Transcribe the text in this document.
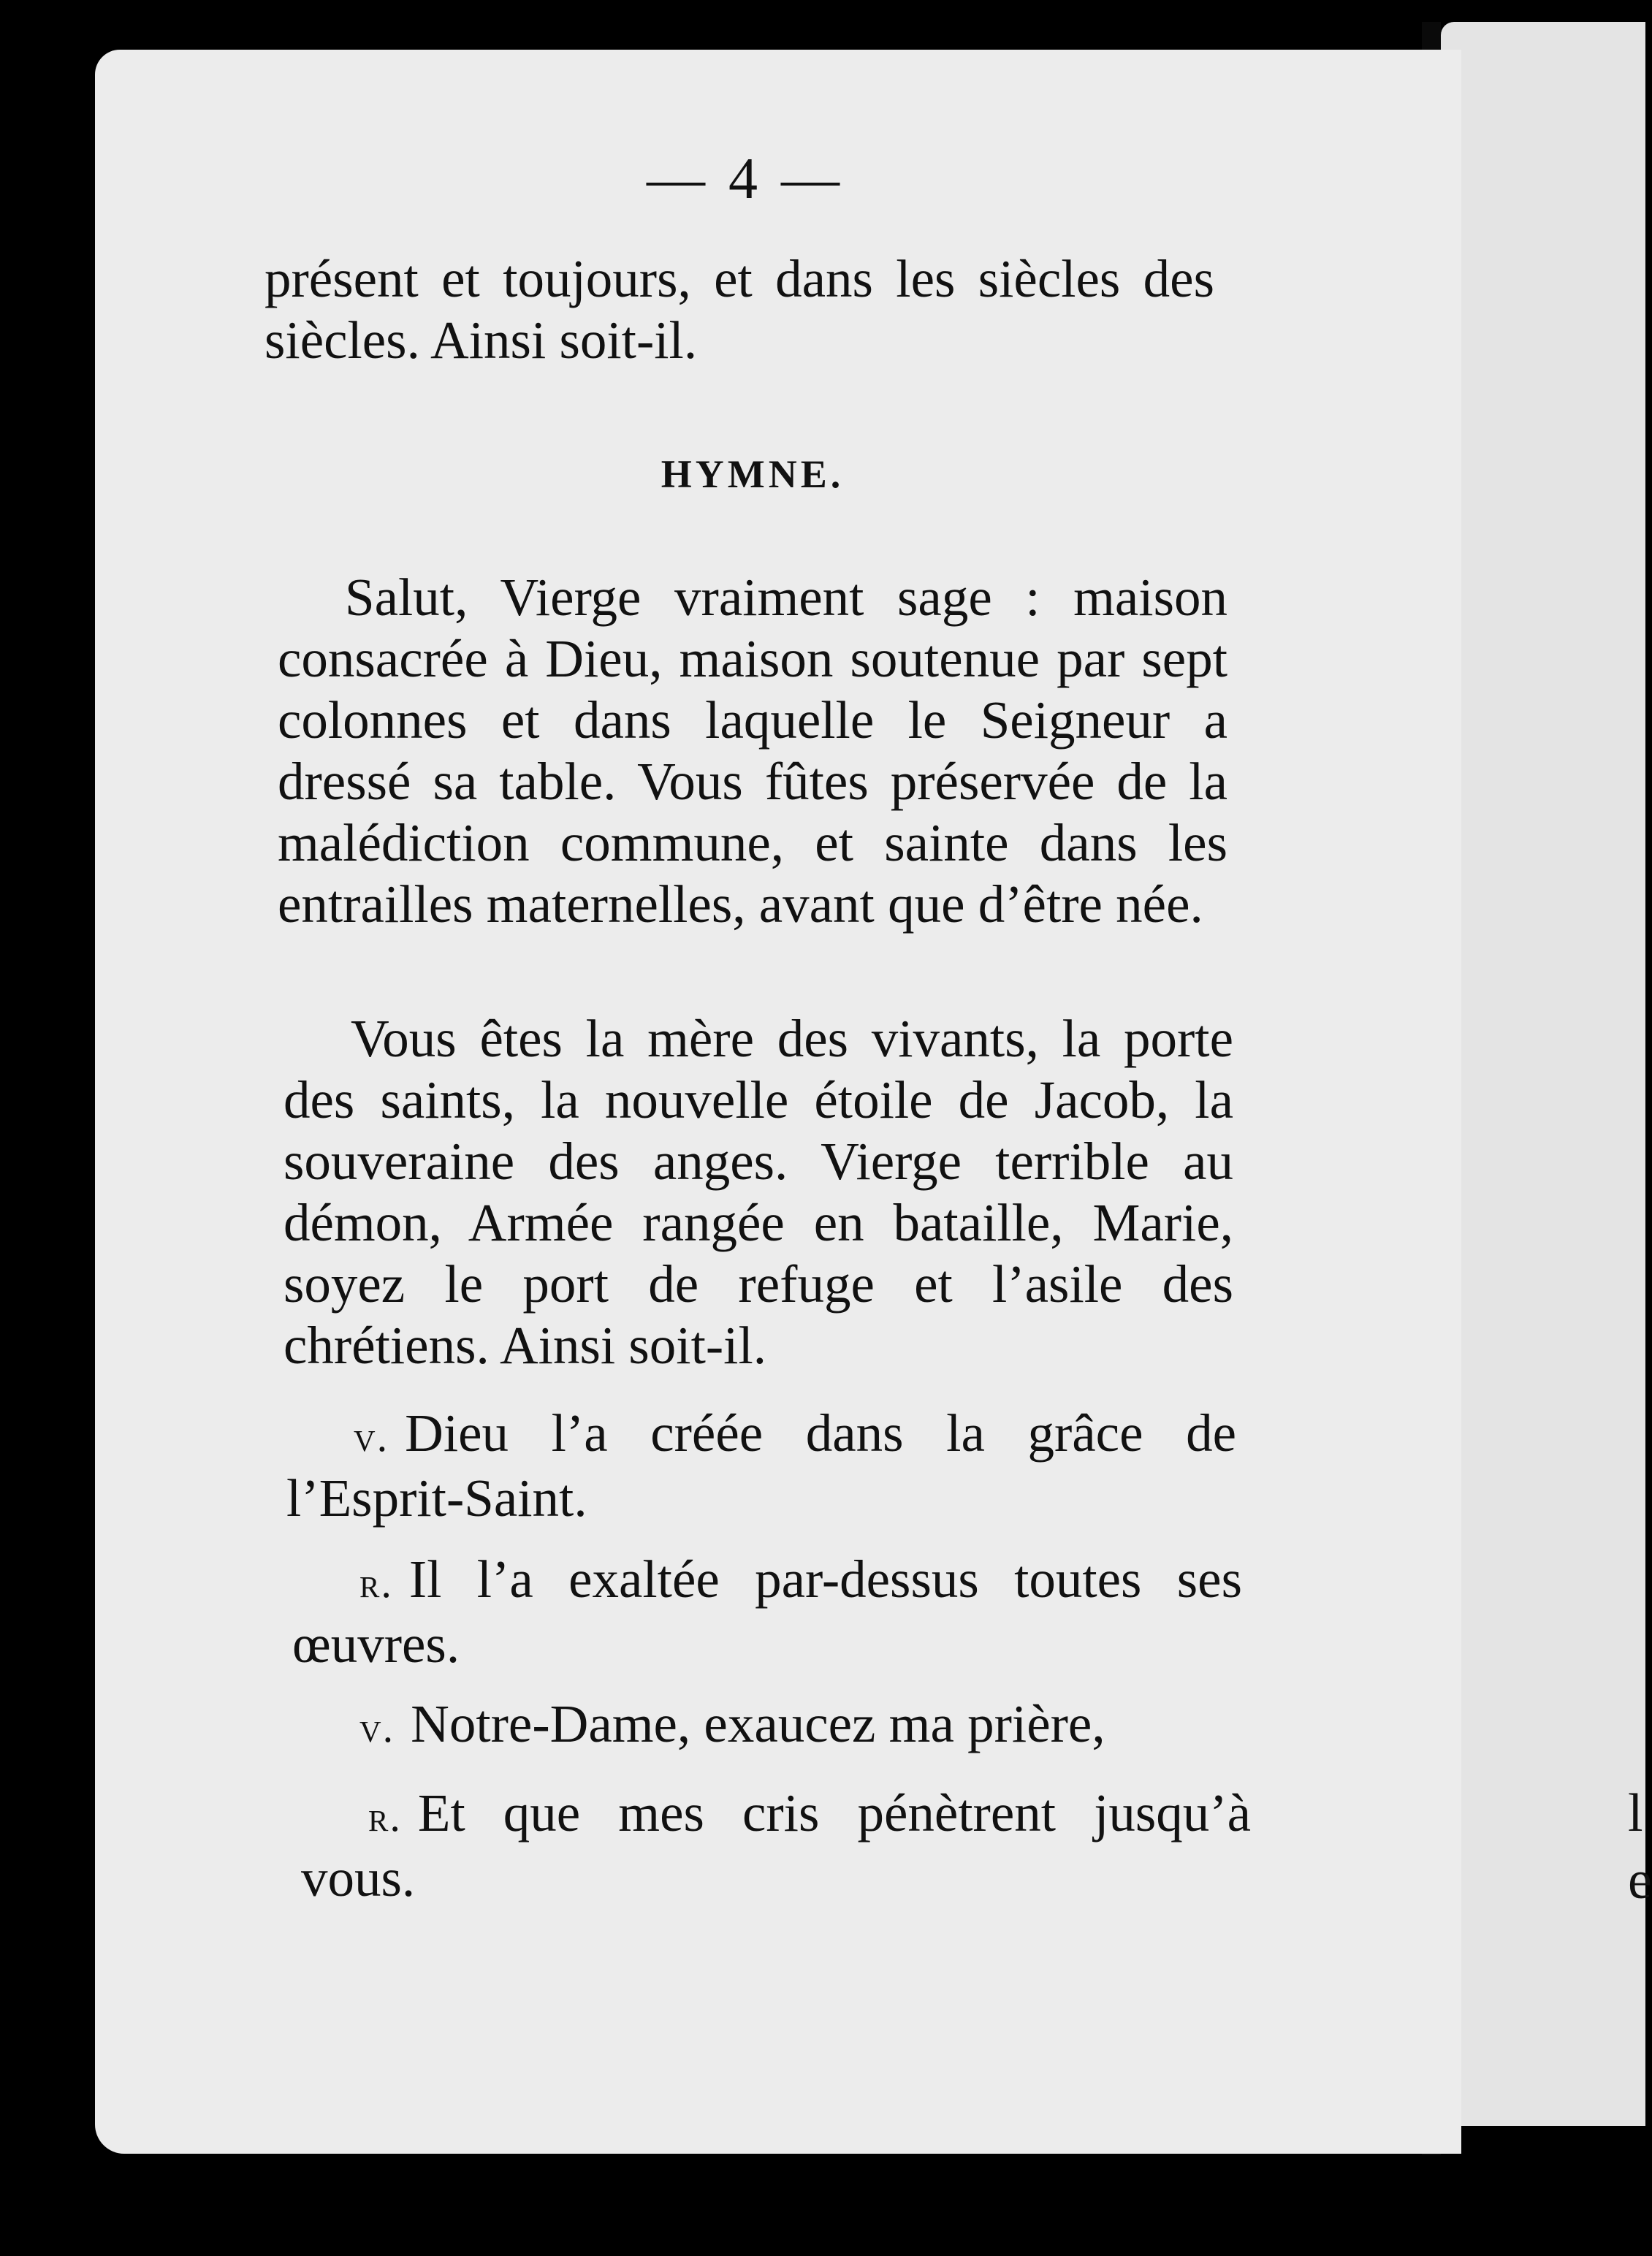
l
e
— 4 —
présent et toujours, et dans les siècles des siècles. Ainsi soit-il.
HYMNE.
Salut, Vierge vraiment sage : maison consacrée à Dieu, maison soutenue par sept colonnes et dans laquelle le Seigneur a dressé sa table. Vous fûtes préservée de la malédiction commune, et sainte dans les entrailles maternelles, avant que d’être née.
Vous êtes la mère des vivants, la porte des saints, la nouvelle étoile de Jacob, la souveraine des anges. Vierge terrible au démon, Armée rangée en bataille, Marie, soyez le port de refuge et l’asile des chrétiens. Ainsi soit-il.
v. Dieu l’a créée dans la grâce de l’Esprit-Saint.
r. Il l’a exaltée par-dessus toutes ses œuvres.
v. Notre-Dame, exaucez ma prière,
r. Et que mes cris pénètrent jusqu’à vous.
